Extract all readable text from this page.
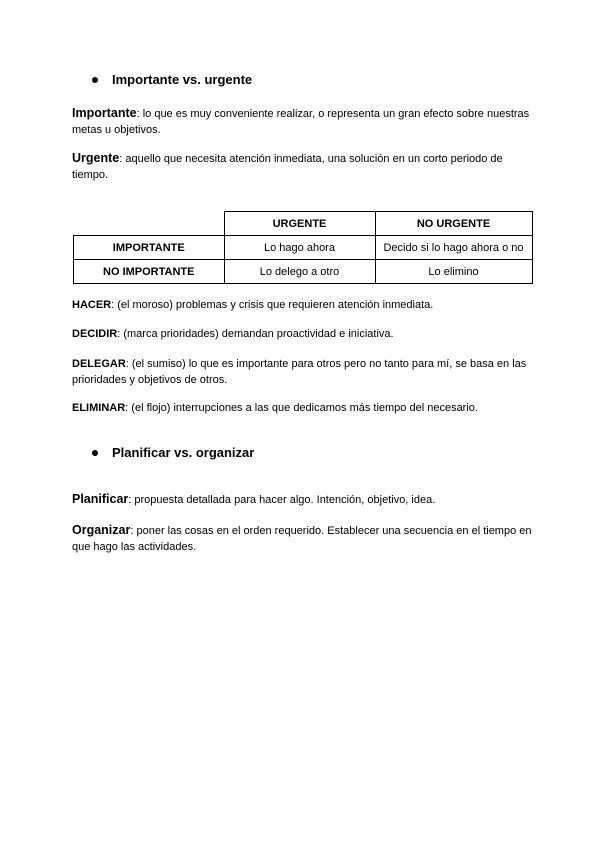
Importante vs. urgente
Importante: lo que es muy conveniente realizar, o representa un gran efecto sobre nuestras metas u objetivos.
Urgente: aquello que necesita atención inmediata, una solución en un corto periodo de tiempo.
	URGENTE	NO URGENTE
IMPORTANTE	Lo hago ahora	Decido si lo hago ahora o no
NO IMPORTANTE	Lo delego a otro	Lo elimino
HACER: (el moroso) problemas y crisis que requieren atención inmediata.
DECIDIR: (marca prioridades) demandan proactividad e iniciativa.
DELEGAR: (el sumiso) lo que es importante para otros pero no tanto para mí, se basa en las prioridades y objetivos de otros.
ELIMINAR: (el flojo) interrupciones a las que dedicamos más tiempo del necesario.
Planificar vs. organizar
Planificar: propuesta detallada para hacer algo. Intención, objetivo, idea.
Organizar: poner las cosas en el orden requerido. Establecer una secuencia en el tiempo en que hago las actividades.
